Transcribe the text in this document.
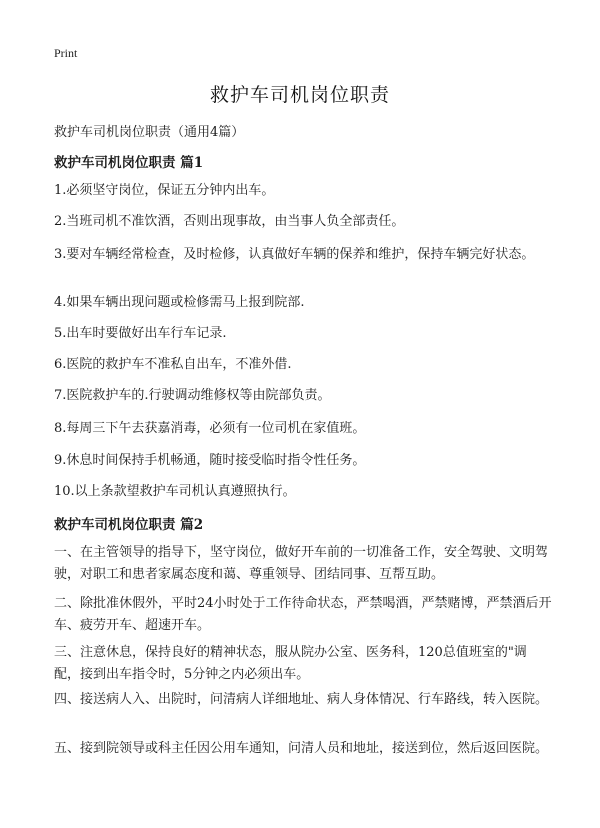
Print
救护车司机岗位职责
救护车司机岗位职责（通用4篇）
救护车司机岗位职责 篇1
1.必须坚守岗位，保证五分钟内出车。
2.当班司机不准饮酒，否则出现事故，由当事人负全部责任。
3.要对车辆经常检查，及时检修，认真做好车辆的保养和维护，保持车辆完好状态。
4.如果车辆出现问题或检修需马上报到院部.
5.出车时要做好出车行车记录.
6.医院的救护车不准私自出车，不准外借.
7.医院救护车的.行驶调动维修权等由院部负责。
8.每周三下午去获嘉消毒，必须有一位司机在家值班。
9.休息时间保持手机畅通，随时接受临时指令性任务。
10.以上条款望救护车司机认真遵照执行。
救护车司机岗位职责 篇2
一、在主管领导的指导下，坚守岗位，做好开车前的一切准备工作，安全驾驶、文明驾驶，对职工和患者家属态度和蔼、尊重领导、团结同事、互帮互助。
二、除批准休假外，平时24小时处于工作待命状态，严禁喝酒，严禁赌博，严禁酒后开车、疲劳开车、超速开车。
三、注意休息，保持良好的精神状态，服从院办公室、医务科，120总值班室的"调配，接到出车指令时，5分钟之内必须出车。
四、接送病人入、出院时，问清病人详细地址、病人身体情况、行车路线，转入医院。
五、接到院领导或科主任因公用车通知，问清人员和地址，接送到位，然后返回医院。
